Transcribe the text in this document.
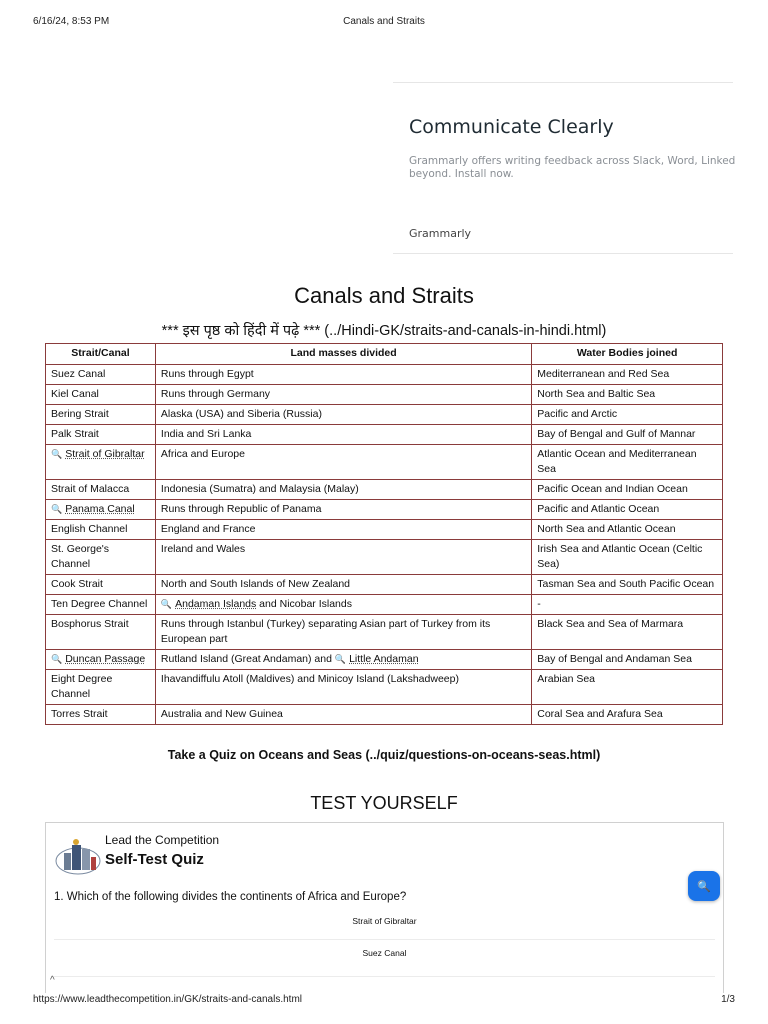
6/16/24, 8:53 PM	Canals and Straits
Communicate Clearly
Grammarly offers writing feedback across Slack, Word, Linked beyond. Install now.
Grammarly
Canals and Straits
*** इस पृष्ठ को हिंदी में पढ़े *** (../Hindi-GK/straits-and-canals-in-hindi.html)
Strait/Canal	Land masses divided	Water Bodies joined
Suez Canal	Runs through Egypt	Mediterranean and Red Sea
Kiel Canal	Runs through Germany	North Sea and Baltic Sea
Bering Strait	Alaska (USA) and Siberia (Russia)	Pacific and Arctic
Palk Strait	India and Sri Lanka	Bay of Bengal and Gulf of Mannar
🔍 Strait of Gibraltar	Africa and Europe	Atlantic Ocean and Mediterranean Sea
Strait of Malacca	Indonesia (Sumatra) and Malaysia (Malay)	Pacific Ocean and Indian Ocean
🔍 Panama Canal	Runs through Republic of Panama	Pacific and Atlantic Ocean
English Channel	England and France	North Sea and Atlantic Ocean
St. George's Channel	Ireland and Wales	Irish Sea and Atlantic Ocean (Celtic Sea)
Cook Strait	North and South Islands of New Zealand	Tasman Sea and South Pacific Ocean
Ten Degree Channel	🔍 Andaman Islands and Nicobar Islands	-
Bosphorus Strait	Runs through Istanbul (Turkey) separating Asian part of Turkey from its European part	Black Sea and Sea of Marmara
🔍 Duncan Passage	Rutland Island (Great Andaman) and 🔍 Little Andaman	Bay of Bengal and Andaman Sea
Eight Degree Channel	Ihavandiffulu Atoll (Maldives) and Minicoy Island (Lakshadweep)	Arabian Sea
Torres Strait	Australia and New Guinea	Coral Sea and Arafura Sea
Take a Quiz on Oceans and Seas (../quiz/questions-on-oceans-seas.html)
TEST YOURSELF
Lead the Competition
Self-Test Quiz
1. Which of the following divides the continents of Africa and Europe?
Strait of Gibraltar
Suez Canal
^
🔍
https://www.leadthecompetition.in/GK/straits-and-canals.html	1/3
